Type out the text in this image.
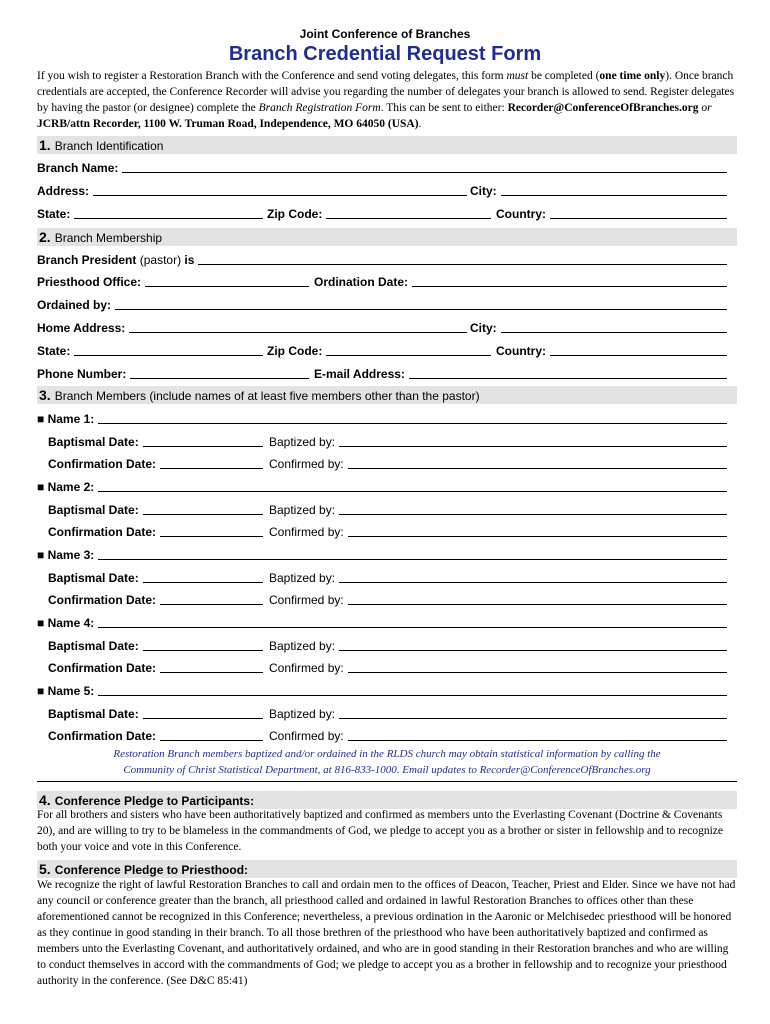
Joint Conference of Branches
Branch Credential Request Form
If you wish to register a Restoration Branch with the Conference and send voting delegates, this form must be completed (one time only). Once branch credentials are accepted, the Conference Recorder will advise you regarding the number of delegates your branch is allowed to send. Register delegates by having the pastor (or designee) complete the Branch Registration Form. This can be sent to either: Recorder@ConferenceOfBranches.org or JCRB/attn Recorder, 1100 W. Truman Road, Independence, MO 64050 (USA).
1. Branch Identification
Branch Name:
Address:	City:
State:	Zip Code:	Country:
2. Branch Membership
Branch President (pastor) is
Priesthood Office:	Ordination Date:
Ordained by:
Home Address:	City:
State:	Zip Code:	Country:
Phone Number:	E-mail Address:
3. Branch Members (include names of at least five members other than the pastor)
■ Name 1:
Baptismal Date:	Baptized by:
Confirmation Date:	Confirmed by:
■ Name 2:
Baptismal Date:	Baptized by:
Confirmation Date:	Confirmed by:
■ Name 3:
Baptismal Date:	Baptized by:
Confirmation Date:	Confirmed by:
■ Name 4:
Baptismal Date:	Baptized by:
Confirmation Date:	Confirmed by:
■ Name 5:
Baptismal Date:	Baptized by:
Confirmation Date:	Confirmed by:
Restoration Branch members baptized and/or ordained in the RLDS church may obtain statistical information by calling the
Community of Christ Statistical Department, at 816-833-1000. Email updates to Recorder@ConferenceOfBranches.org
4. Conference Pledge to Participants:
For all brothers and sisters who have been authoritatively baptized and confirmed as members unto the Everlasting Covenant (Doctrine & Covenants 20), and are willing to try to be blameless in the commandments of God, we pledge to accept you as a brother or sister in fellowship and to recognize both your voice and vote in this Conference.
5. Conference Pledge to Priesthood:
We recognize the right of lawful Restoration Branches to call and ordain men to the offices of Deacon, Teacher, Priest and Elder. Since we have not had any council or conference greater than the branch, all priesthood called and ordained in lawful Restoration Branches to offices other than these aforementioned cannot be recognized in this Conference; nevertheless, a previous ordination in the Aaronic or Melchisedec priesthood will be honored as they continue in good standing in their branch. To all those brethren of the priesthood who have been authoritatively baptized and confirmed as members unto the Everlasting Covenant, and authoritatively ordained, and who are in good standing in their Restoration branches and who are willing to conduct themselves in accord with the commandments of God; we pledge to accept you as a brother in fellowship and to recognize your priesthood authority in the conference. (See D&C 85:41)
